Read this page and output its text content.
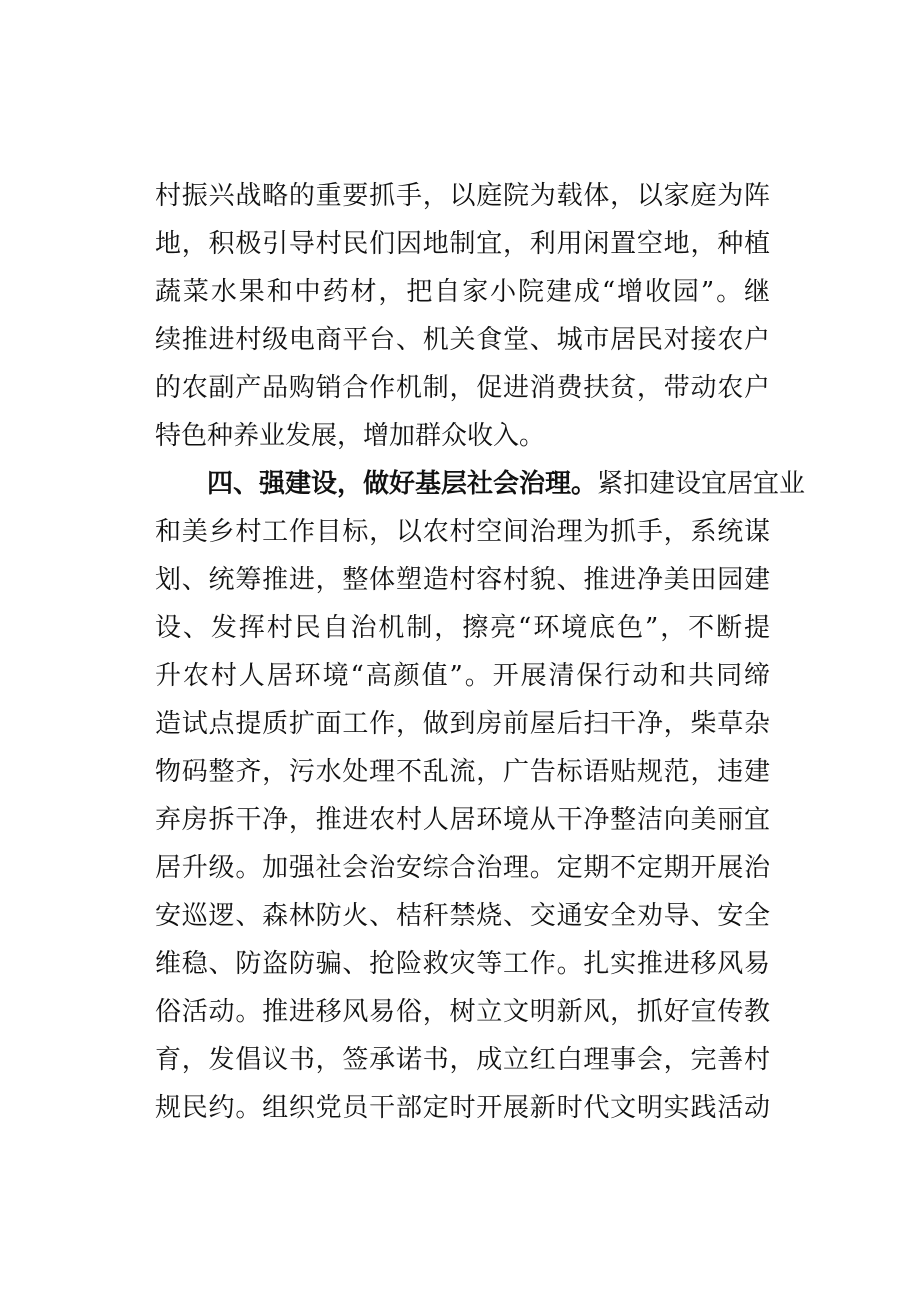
村振兴战略的重要抓手，以庭院为载体，以家庭为阵
地，积极引导村民们因地制宜，利用闲置空地，种植
蔬菜水果和中药材，把自家小院建成“增收园”。继
续推进村级电商平台、机关食堂、城市居民对接农户
的农副产品购销合作机制，促进消费扶贫，带动农户
特色种养业发展，增加群众收入。
四、强建设，做好基层社会治理。紧扣建设宜居宜业
和美乡村工作目标，以农村空间治理为抓手，系统谋
划、统筹推进，整体塑造村容村貌、推进净美田园建
设、发挥村民自治机制，擦亮“环境底色”，不断提
升农村人居环境“高颜值”。开展清保行动和共同缔
造试点提质扩面工作，做到房前屋后扫干净，柴草杂
物码整齐，污水处理不乱流，广告标语贴规范，违建
弃房拆干净，推进农村人居环境从干净整洁向美丽宜
居升级。加强社会治安综合治理。定期不定期开展治
安巡逻、森林防火、桔秆禁烧、交通安全劝导、安全
维稳、防盗防骗、抢险救灾等工作。扎实推进移风易
俗活动。推进移风易俗，树立文明新风，抓好宣传教
育，发倡议书，签承诺书，成立红白理事会，完善村
规民约。组织党员干部定时开展新时代文明实践活动
